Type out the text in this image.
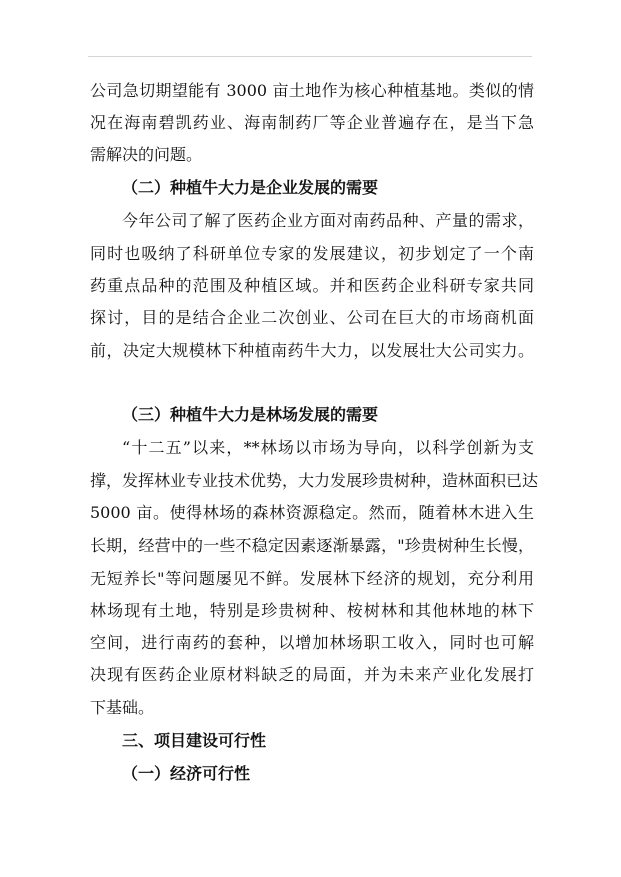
公司急切期望能有 3000 亩土地作为核心种植基地。类似的情
况在海南碧凯药业、海南制药厂等企业普遍存在，是当下急
需解决的问题。
（二）种植牛大力是企业发展的需要
今年公司了解了医药企业方面对南药品种、产量的需求，
同时也吸纳了科研单位专家的发展建议，初步划定了一个南
药重点品种的范围及种植区域。并和医药企业科研专家共同
探讨，目的是结合企业二次创业、公司在巨大的市场商机面
前，决定大规模林下种植南药牛大力，以发展壮大公司实力。
（三）种植牛大力是林场发展的需要
“十二五”以来，**林场以市场为导向，以科学创新为支
撑，发挥林业专业技术优势，大力发展珍贵树种，造林面积已达
5000 亩。使得林场的森林资源稳定。然而，随着林木进入生
长期，经营中的一些不稳定因素逐渐暴露，"珍贵树种生长慢，
无短养长"等问题屡见不鲜。发展林下经济的规划，充分利用
林场现有土地，特别是珍贵树种、桉树林和其他林地的林下
空间，进行南药的套种，以增加林场职工收入，同时也可解
决现有医药企业原材料缺乏的局面，并为未来产业化发展打
下基础。
三、项目建设可行性
（一）经济可行性
